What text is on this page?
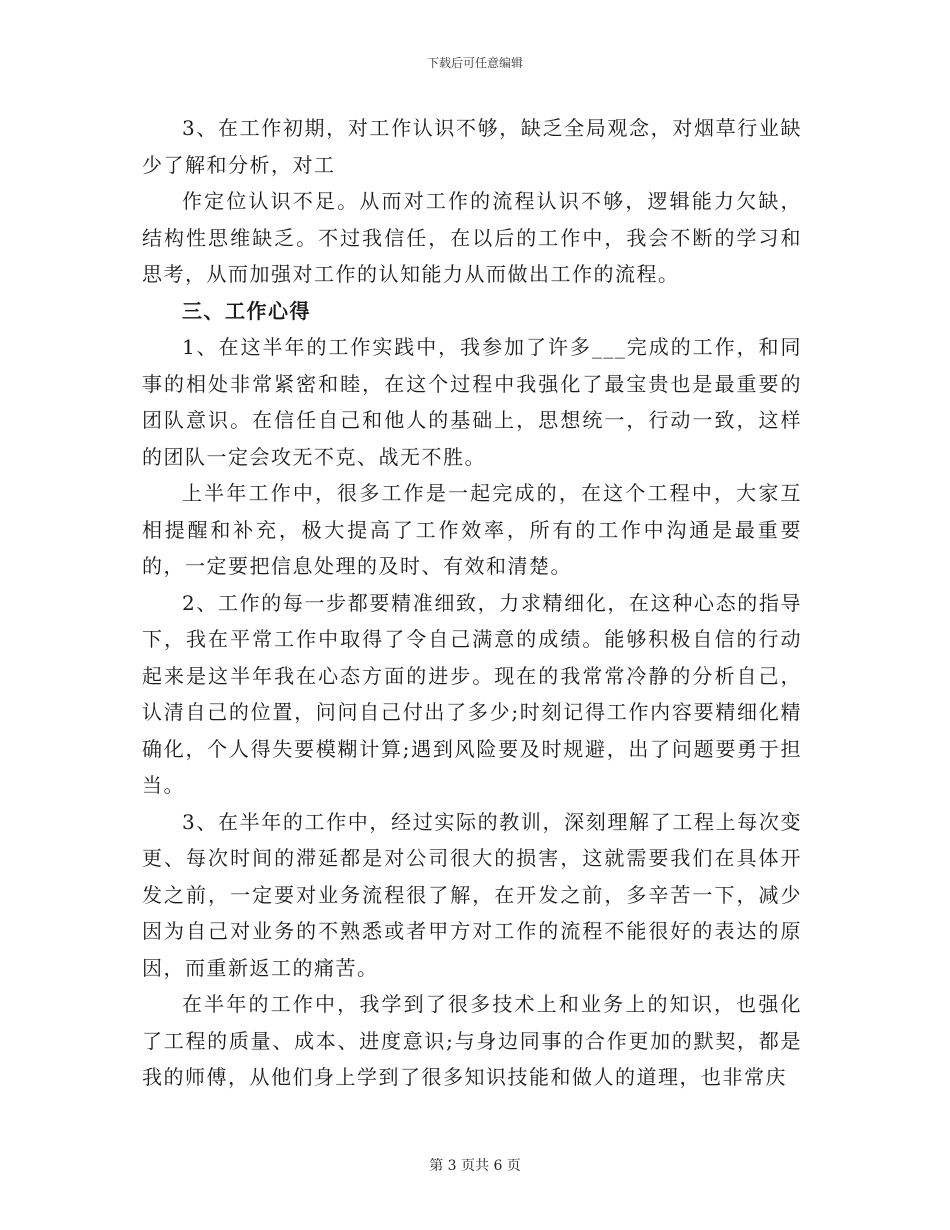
下载后可任意编辑

3、在工作初期，对工作认识不够，缺乏全局观念，对烟草行业缺少了解和分析，对工

作定位认识不足。从而对工作的流程认识不够，逻辑能力欠缺，结构性思维缺乏。不过我信任，在以后的工作中，我会不断的学习和思考，从而加强对工作的认知能力从而做出工作的流程。

三、工作心得

1、在这半年的工作实践中，我参加了许多___完成的工作，和同事的相处非常紧密和睦，在这个过程中我强化了最宝贵也是最重要的团队意识。在信任自己和他人的基础上，思想统一，行动一致，这样的团队一定会攻无不克、战无不胜。

上半年工作中，很多工作是一起完成的，在这个工程中，大家互相提醒和补充，极大提高了工作效率，所有的工作中沟通是最重要的，一定要把信息处理的及时、有效和清楚。

2、工作的每一步都要精准细致，力求精细化，在这种心态的指导下，我在平常工作中取得了令自己满意的成绩。能够积极自信的行动起来是这半年我在心态方面的进步。现在的我常常冷静的分析自己，认清自己的位置，问问自己付出了多少;时刻记得工作内容要精细化精确化，个人得失要模糊计算;遇到风险要及时规避，出了问题要勇于担当。

3、在半年的工作中，经过实际的教训，深刻理解了工程上每次变更、每次时间的滞延都是对公司很大的损害，这就需要我们在具体开发之前，一定要对业务流程很了解，在开发之前，多辛苦一下，减少因为自己对业务的不熟悉或者甲方对工作的流程不能很好的表达的原因，而重新返工的痛苦。

在半年的工作中，我学到了很多技术上和业务上的知识，也强化了工程的质量、成本、进度意识;与身边同事的合作更加的默契，都是我的师傅，从他们身上学到了很多知识技能和做人的道理，也非常庆

第 3 页共 6 页
